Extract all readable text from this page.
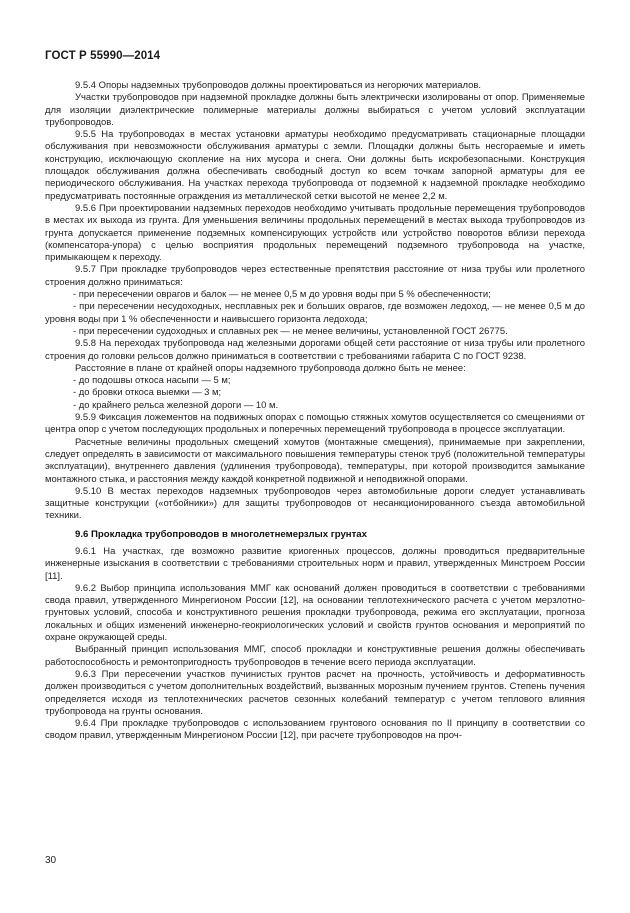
ГОСТ Р 55990—2014

9.5.4 Опоры надземных трубопроводов должны проектироваться из негорючих материалов.

Участки трубопроводов при надземной прокладке должны быть электрически изолированы от опор. Применяемые для изоляции диэлектрические полимерные материалы должны выбираться с учетом условий эксплуатации трубопроводов.

9.5.5 На трубопроводах в местах установки арматуры необходимо предусматривать стационарные площадки обслуживания при невозможности обслуживания арматуры с земли. Площадки должны быть несгораемые и иметь конструкцию, исключающую скопление на них мусора и снега. Они должны быть искробезопасными. Конструкция площадок обслуживания должна обеспечивать свободный доступ ко всем точкам запорной арматуры для ее периодического обслуживания. На участках перехода трубопровода от подземной к надземной прокладке необходимо предусматривать постоянные ограждения из металлической сетки высотой не менее 2,2 м.

9.5.6 При проектировании надземных переходов необходимо учитывать продольные перемещения трубопроводов в местах их выхода из грунта. Для уменьшения величины продольных перемещений в местах выхода трубопроводов из грунта допускается применение подземных компенсирующих устройств или устройство поворотов вблизи перехода (компенсатора-упора) с целью восприятия продольных перемещений подземного трубопровода на участке, примыкающем к переходу.

9.5.7 При прокладке трубопроводов через естественные препятствия расстояние от низа трубы или пролетного строения должно приниматься:

- при пересечении оврагов и балок — не менее 0,5 м до уровня воды при 5 % обеспеченности;

- при пересечении несудоходных, несплавных рек и больших оврагов, где возможен ледоход, — не менее 0,5 м до уровня воды при 1 % обеспеченности и наивысшего горизонта ледохода;

- при пересечении судоходных и сплавных рек — не менее величины, установленной ГОСТ 26775.

9.5.8 На переходах трубопровода над железными дорогами общей сети расстояние от низа трубы или пролетного строения до головки рельсов должно приниматься в соответствии с требованиями габарита С по ГОСТ 9238.

Расстояние в плане от крайней опоры надземного трубопровода должно быть не менее:

- до подошвы откоса насыпи — 5 м;

- до бровки откоса выемки — 3 м;

- до крайнего рельса железной дороги — 10 м.

9.5.9 Фиксация ложементов на подвижных опорах с помощью стяжных хомутов осуществляется со смещениями от центра опор с учетом последующих продольных и поперечных перемещений трубопровода в процессе эксплуатации.

Расчетные величины продольных смещений хомутов (монтажные смещения), принимаемые при закреплении, следует определять в зависимости от максимального повышения температуры стенок труб (положительной температуры эксплуатации), внутреннего давления (удлинения трубопровода), температуры, при которой производится замыкание монтажного стыка, и расстояния между каждой конкретной подвижной и неподвижной опорами.

9.5.10 В местах переходов надземных трубопроводов через автомобильные дороги следует устанавливать защитные конструкции («отбойники») для защиты трубопроводов от несанкционированного съезда автомобильной техники.

9.6 Прокладка трубопроводов в многолетнемерзлых грунтах

9.6.1 На участках, где возможно развитие криогенных процессов, должны проводиться предварительные инженерные изыскания в соответствии с требованиями строительных норм и правил, утвержденных Минстроем России [11].

9.6.2 Выбор принципа использования ММГ как оснований должен проводиться в соответствии с требованиями свода правил, утвержденного Минрегионом России [12], на основании теплотехнического расчета с учетом мерзлотно-грунтовых условий, способа и конструктивного решения прокладки трубопровода, режима его эксплуатации, прогноза локальных и общих изменений инженерно-геокриологических условий и свойств грунтов основания и мероприятий по охране окружающей среды.

Выбранный принцип использования ММГ, способ прокладки и конструктивные решения должны обеспечивать работоспособность и ремонтопригодность трубопроводов в течение всего периода эксплуатации.

9.6.3 При пересечении участков пучинистых грунтов расчет на прочность, устойчивость и деформативность должен производиться с учетом дополнительных воздействий, вызванных морозным пучением грунтов. Степень пучения определяется исходя из теплотехнических расчетов сезонных колебаний температур с учетом теплового влияния трубопровода на грунты основания.

9.6.4 При прокладке трубопроводов с использованием грунтового основания по II принципу в соответствии со сводом правил, утвержденным Минрегионом России [12], при расчете трубопроводов на проч-

30
